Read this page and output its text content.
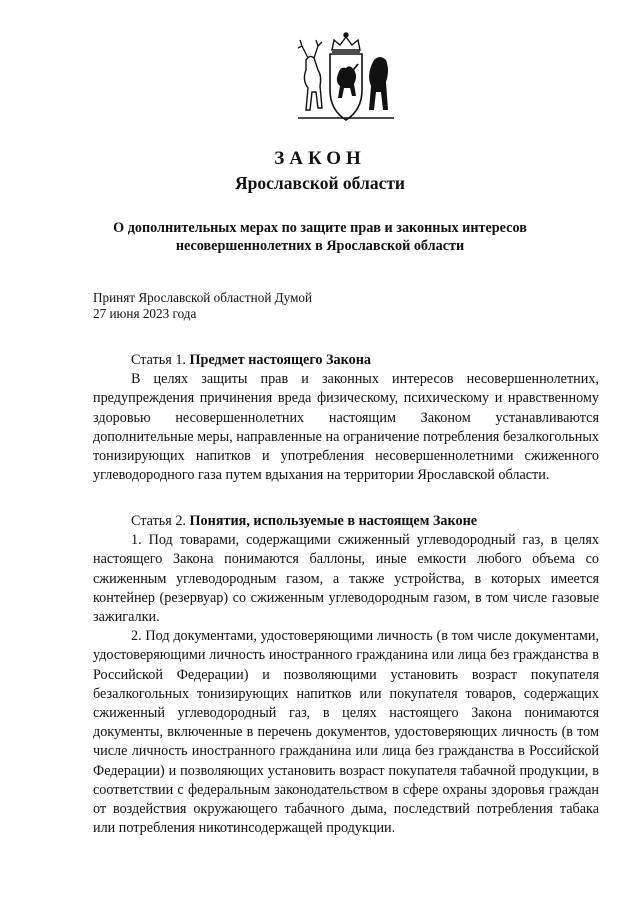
ЗАКОН
Ярославской области
О дополнительных мерах по защите прав и законных интересов
несовершеннолетних в Ярославской области
Принят Ярославской областной Думой
27 июня 2023 года
Статья 1. Предмет настоящего Закона

В целях защиты прав и законных интересов несовершеннолетних, предупреждения причинения вреда физическому, психическому и нравственному здоровью несовершеннолетних настоящим Законом устанавливаются дополнительные меры, направленные на ограничение потребления безалкогольных тонизирующих напитков и употребления несовершеннолетними сжиженного углеводородного газа путем вдыхания на территории Ярославской области.

Статья 2. Понятия, используемые в настоящем Законе

1. Под товарами, содержащими сжиженный углеводородный газ, в целях настоящего Закона понимаются баллоны, иные емкости любого объема со сжиженным углеводородным газом, а также устройства, в которых имеется контейнер (резервуар) со сжиженным углеводородным газом, в том числе газовые зажигалки.

2. Под документами, удостоверяющими личность (в том числе документами, удостоверяющими личность иностранного гражданина или лица без гражданства в Российской Федерации) и позволяющими установить возраст покупателя безалкогольных тонизирующих напитков или покупателя товаров, содержащих сжиженный углеводородный газ, в целях настоящего Закона понимаются документы, включенные в перечень документов, удостоверяющих личность (в том числе личность иностранного гражданина или лица без гражданства в Российской Федерации) и позволяющих установить возраст покупателя табачной продукции, в соответствии с федеральным законодательством в сфере охраны здоровья граждан от воздействия окружающего табачного дыма, последствий потребления табака или потребления никотинсодержащей продукции.
